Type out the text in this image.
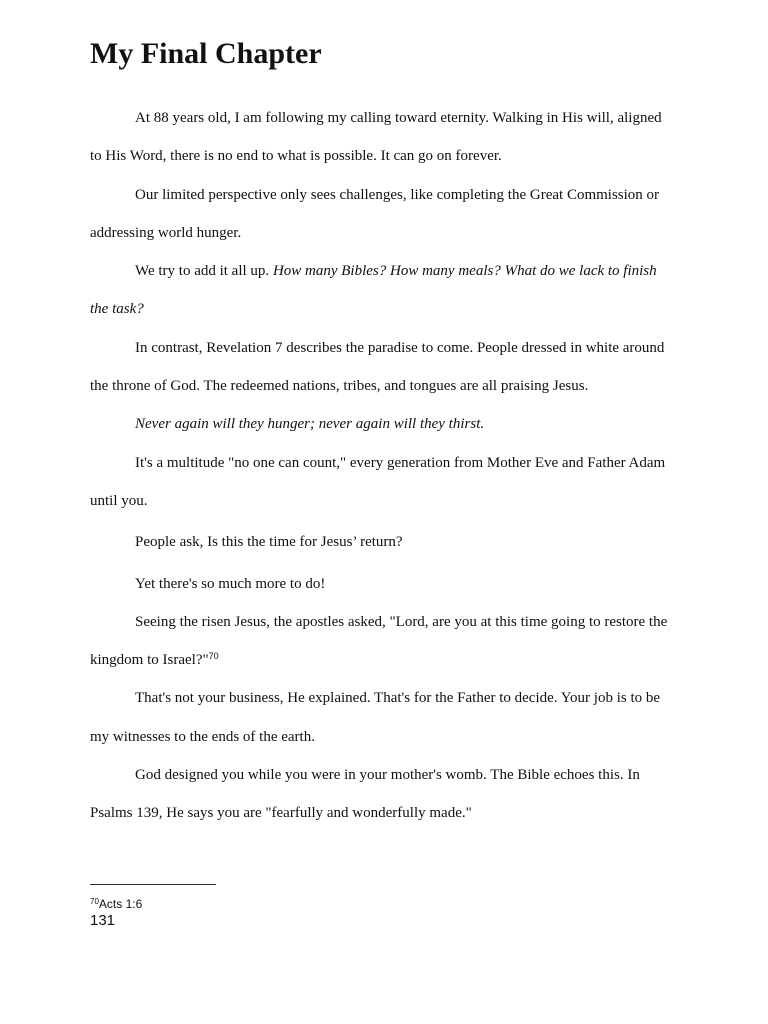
My Final Chapter

At 88 years old, I am following my calling toward eternity. Walking in His will, aligned to His Word, there is no end to what is possible. It can go on forever.

Our limited perspective only sees challenges, like completing the Great Commission or addressing world hunger.

We try to add it all up. How many Bibles? How many meals? What do we lack to finish the task?

In contrast, Revelation 7 describes the paradise to come. People dressed in white around the throne of God. The redeemed nations, tribes, and tongues are all praising Jesus.

Never again will they hunger; never again will they thirst.

It's a multitude "no one can count," every generation from Mother Eve and Father Adam until you.

People ask, Is this the time for Jesus’ return?

Yet there's so much more to do!

Seeing the risen Jesus, the apostles asked, "Lord, are you at this time going to restore the kingdom to Israel?"$^{70}$

That's not your business, He explained. That's for the Father to decide. Your job is to be my witnesses to the ends of the earth.

God designed you while you were in your mother's womb. The Bible echoes this. In Psalms 139, He says you are "fearfully and wonderfully made."

$^{70}$Acts 1:6
131
